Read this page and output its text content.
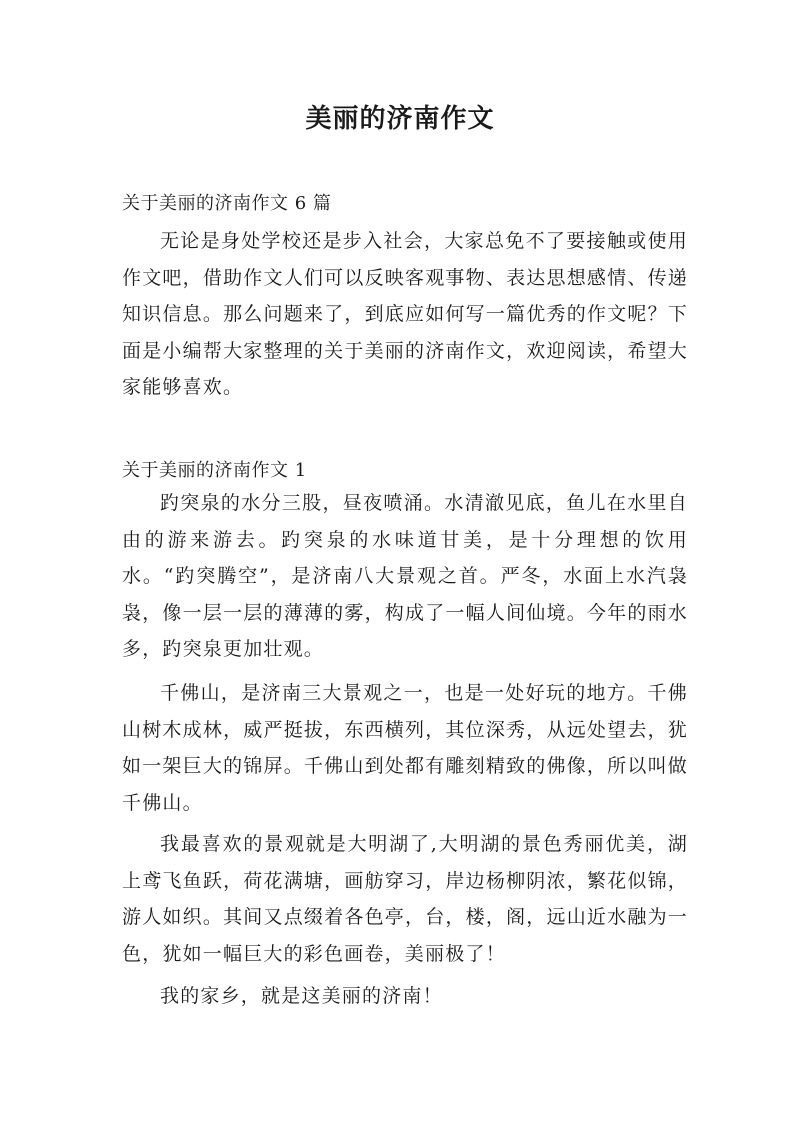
美丽的济南作文
关于美丽的济南作文 6 篇
无论是身处学校还是步入社会，大家总免不了要接触或使用作文吧，借助作文人们可以反映客观事物、表达思想感情、传递知识信息。那么问题来了，到底应如何写一篇优秀的作文呢？下面是小编帮大家整理的关于美丽的济南作文，欢迎阅读，希望大家能够喜欢。
关于美丽的济南作文 1
趵突泉的水分三股，昼夜喷涌。水清澈见底，鱼儿在水里自由的游来游去。趵突泉的水味道甘美，是十分理想的饮用水。“趵突腾空”，是济南八大景观之首。严冬，水面上水汽袅袅，像一层一层的薄薄的雾，构成了一幅人间仙境。今年的雨水多，趵突泉更加壮观。
千佛山，是济南三大景观之一，也是一处好玩的地方。千佛山树木成林，威严挺拔，东西横列，其位深秀，从远处望去，犹如一架巨大的锦屏。千佛山到处都有雕刻精致的佛像，所以叫做千佛山。
我最喜欢的景观就是大明湖了,大明湖的景色秀丽优美，湖上鸢飞鱼跃，荷花满塘，画舫穿习，岸边杨柳阴浓，繁花似锦，游人如织。其间又点缀着各色亭，台，楼，阁，远山近水融为一色，犹如一幅巨大的彩色画卷，美丽极了！
我的家乡，就是这美丽的济南！
